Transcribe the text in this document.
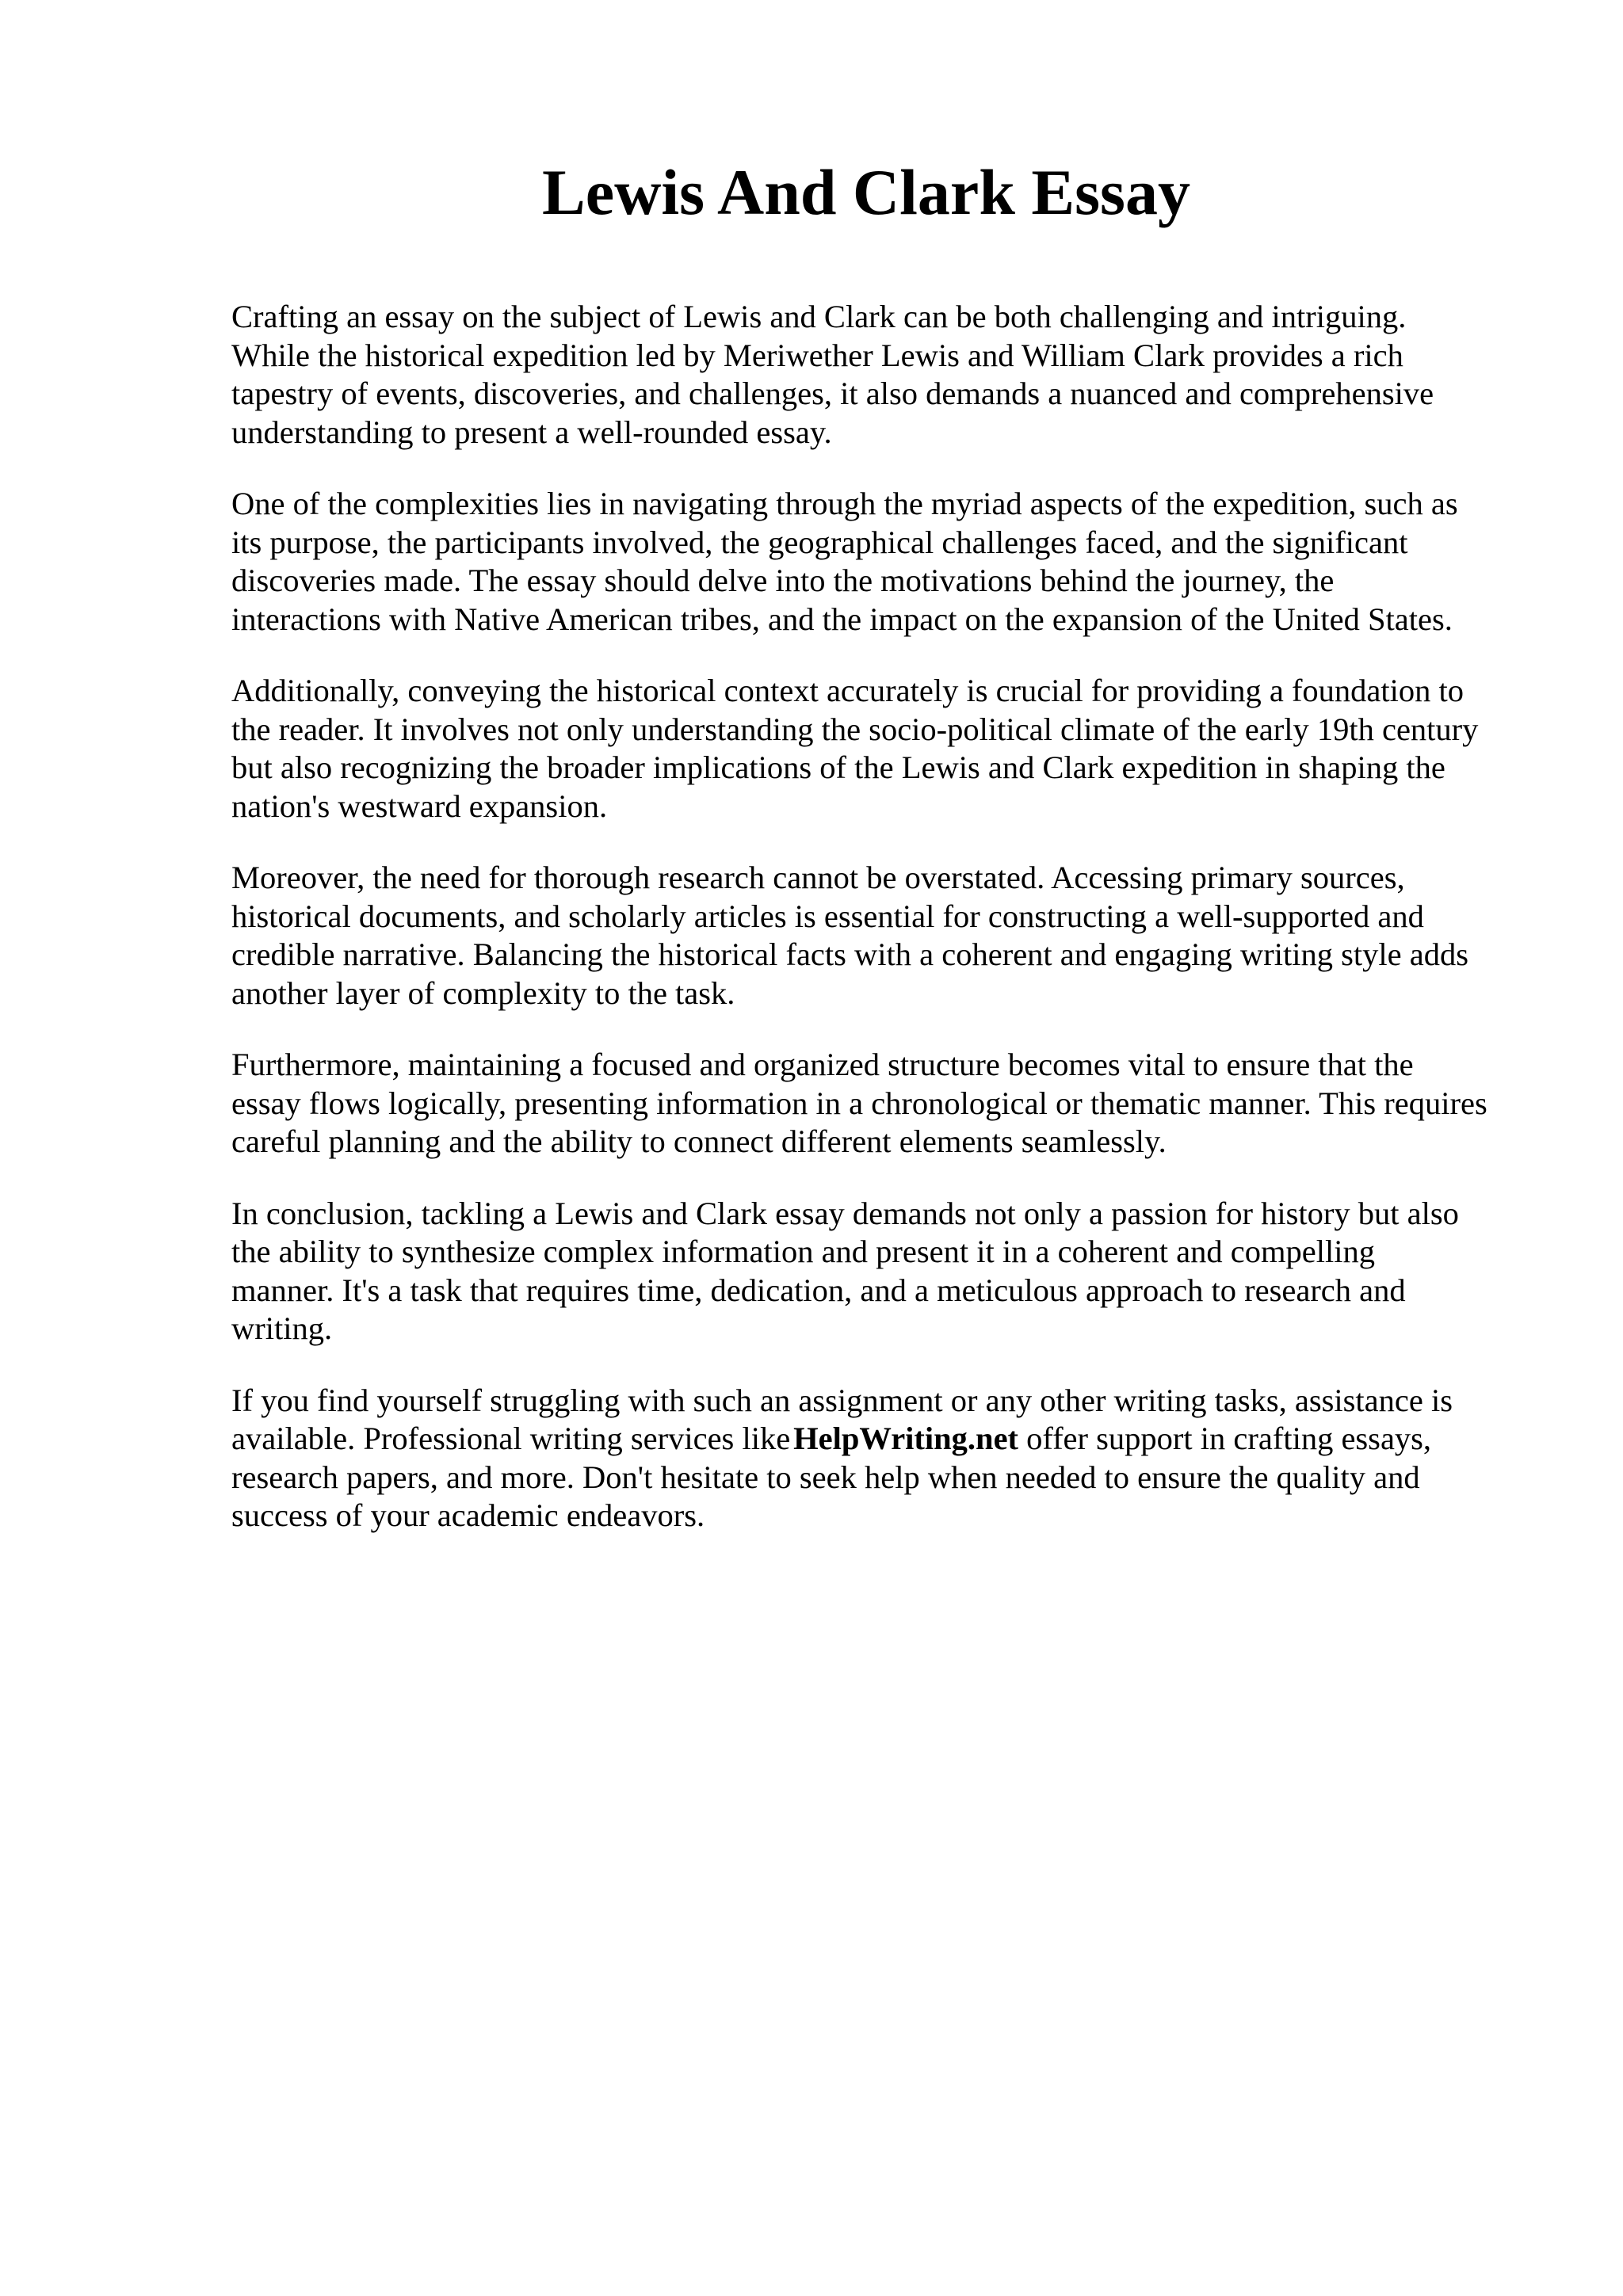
Lewis And Clark Essay

Crafting an essay on the subject of Lewis and Clark can be both challenging and intriguing.
While the historical expedition led by Meriwether Lewis and William Clark provides a rich
tapestry of events, discoveries, and challenges, it also demands a nuanced and comprehensive
understanding to present a well-rounded essay.

One of the complexities lies in navigating through the myriad aspects of the expedition, such as
its purpose, the participants involved, the geographical challenges faced, and the significant
discoveries made. The essay should delve into the motivations behind the journey, the
interactions with Native American tribes, and the impact on the expansion of the United States.

Additionally, conveying the historical context accurately is crucial for providing a foundation to
the reader. It involves not only understanding the socio-political climate of the early 19th century
but also recognizing the broader implications of the Lewis and Clark expedition in shaping the
nation's westward expansion.

Moreover, the need for thorough research cannot be overstated. Accessing primary sources,
historical documents, and scholarly articles is essential for constructing a well-supported and
credible narrative. Balancing the historical facts with a coherent and engaging writing style adds
another layer of complexity to the task.

Furthermore, maintaining a focused and organized structure becomes vital to ensure that the
essay flows logically, presenting information in a chronological or thematic manner. This requires
careful planning and the ability to connect different elements seamlessly.

In conclusion, tackling a Lewis and Clark essay demands not only a passion for history but also
the ability to synthesize complex information and present it in a coherent and compelling
manner. It's a task that requires time, dedication, and a meticulous approach to research and
writing.

If you find yourself struggling with such an assignment or any other writing tasks, assistance is
available. Professional writing services likeHelpWriting.net offer support in crafting essays,
research papers, and more. Don't hesitate to seek help when needed to ensure the quality and
success of your academic endeavors.
